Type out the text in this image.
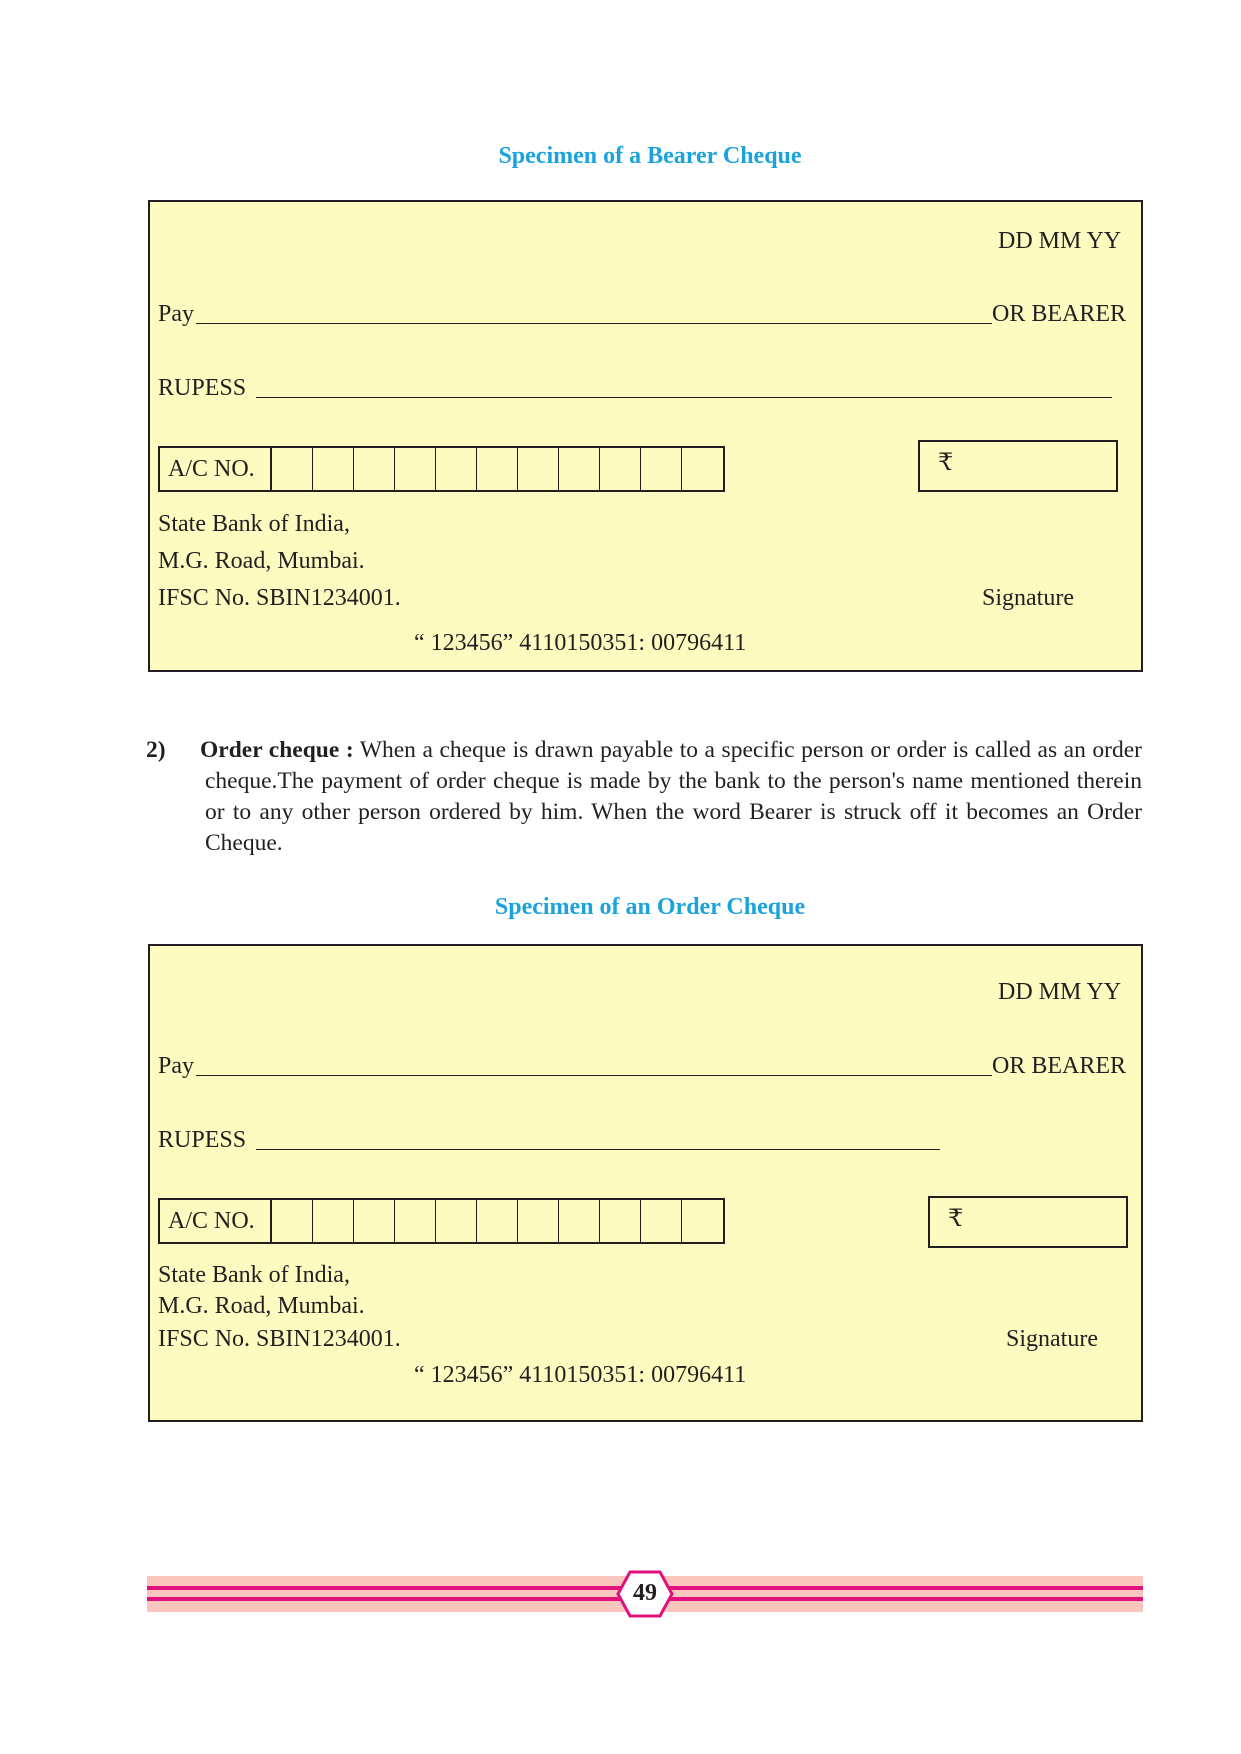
Specimen of a Bearer Cheque
DD MM YY
Pay	OR BEARER
RUPESS
A/C NO.	₹
State Bank of India,
M.G. Road, Mumbai.
IFSC No. SBIN1234001.	Signature
“ 123456” 4110150351: 00796411
2) Order cheque : When a cheque is drawn payable to a specific person or order is called as an order cheque.The payment of order cheque is made by the bank to the person's name mentioned therein or to any other person ordered by him. When the word Bearer is struck off it becomes an Order Cheque.
Specimen of an Order Cheque
DD MM YY
Pay	OR BEARER
RUPESS
A/C NO.	₹
State Bank of India,
M.G. Road, Mumbai.
IFSC No. SBIN1234001.	Signature
“ 123456” 4110150351: 00796411
49
